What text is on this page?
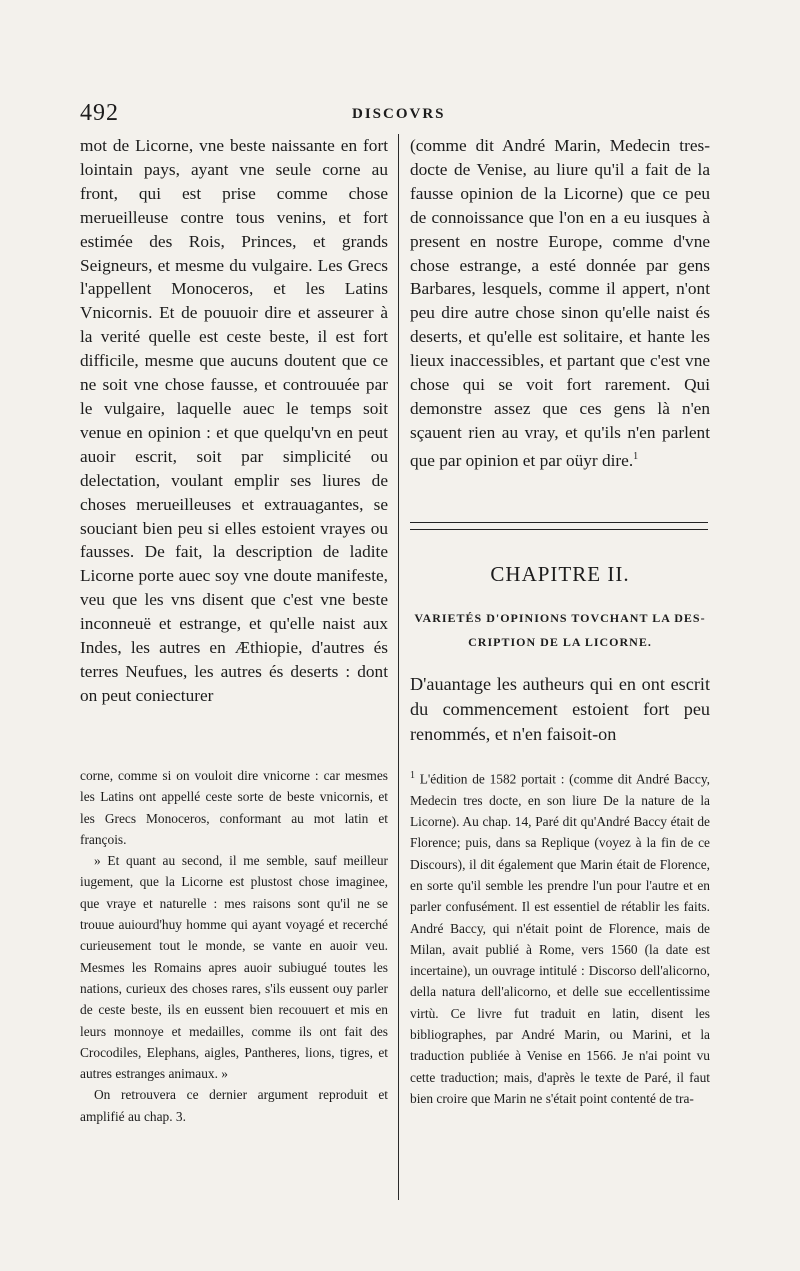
492	DISCOVRS

mot de Licorne, vne beste naissante en fort lointain pays, ayant vne seule corne au front, qui est prise comme chose merueilleuse contre tous venins, et fort estimée des Rois, Princes, et grands Seigneurs, et mesme du vulgaire. Les Grecs l'appellent Monoceros, et les Latins Vnicornis. Et de pouuoir dire et asseurer à la verité quelle est ceste beste, il est fort difficile, mesme que aucuns doutent que ce ne soit vne chose fausse, et controuuée par le vulgaire, laquelle auec le temps soit venue en opinion : et que quelqu'vn en peut auoir escrit, soit par simplicité ou delectation, voulant emplir ses liures de choses merueilleuses et extrauagantes, se souciant bien peu si elles estoient vrayes ou fausses. De fait, la description de ladite Licorne porte auec soy vne doute manifeste, veu que les vns disent que c'est vne beste inconneuë et estrange, et qu'elle naist aux Indes, les autres en Æthiopie, d'autres és terres Neufues, les autres és deserts : dont on peut coniecturer

corne, comme si on vouloit dire vnicorne : car mesmes les Latins ont appellé ceste sorte de beste vnicornis, et les Grecs Monoceros, conformant au mot latin et françois.

» Et quant au second, il me semble, sauf meilleur iugement, que la Licorne est plustost chose imaginee, que vraye et naturelle : mes raisons sont qu'il ne se trouue auiourd'huy homme qui ayant voyagé et recerché curieusement tout le monde, se vante en auoir veu. Mesmes les Romains apres auoir subiugué toutes les nations, curieux des choses rares, s'ils eussent ouy parler de ceste beste, ils en eussent bien recouuert et mis en leurs monnoye et medailles, comme ils ont fait des Crocodiles, Elephans, aigles, Pantheres, lions, tigres, et autres estranges animaux. »

On retrouvera ce dernier argument reproduit et amplifié au chap. 3.

(comme dit André Marin, Medecin tres-docte de Venise, au liure qu'il a fait de la fausse opinion de la Licorne) que ce peu de connoissance que l'on en a eu iusques à present en nostre Europe, comme d'vne chose estrange, a esté donnée par gens Barbares, lesquels, comme il appert, n'ont peu dire autre chose sinon qu'elle naist és deserts, et qu'elle est solitaire, et hante les lieux inaccessibles, et partant que c'est vne chose qui se voit fort rarement. Qui demonstre assez que ces gens là n'en sçauent rien au vray, et qu'ils n'en parlent que par opinion et par oüyr dire.$^1$

CHAPITRE II.
VARIETÉS D'OPINIONS TOVCHANT LA DES-
CRIPTION DE LA LICORNE.

D'auantage les autheurs qui en ont escrit du commencement estoient fort peu renommés, et n'en faisoit-on

$^1$ L'édition de 1582 portait : (comme dit André Baccy, Medecin tres docte, en son liure De la nature de la Licorne). Au chap. 14, Paré dit qu'André Baccy était de Florence; puis, dans sa Replique (voyez à la fin de ce Discours), il dit également que Marin était de Florence, en sorte qu'il semble les prendre l'un pour l'autre et en parler confusément. Il est essentiel de rétablir les faits. André Baccy, qui n'était point de Florence, mais de Milan, avait publié à Rome, vers 1560 (la date est incertaine), un ouvrage intitulé : Discorso dell'alicorno, della natura dell'alicorno, et delle sue eccellentissime virtù. Ce livre fut traduit en latin, disent les bibliographes, par André Marin, ou Marini, et la traduction publiée à Venise en 1566. Je n'ai point vu cette traduction; mais, d'après le texte de Paré, il faut bien croire que Marin ne s'était point contenté de tra-
